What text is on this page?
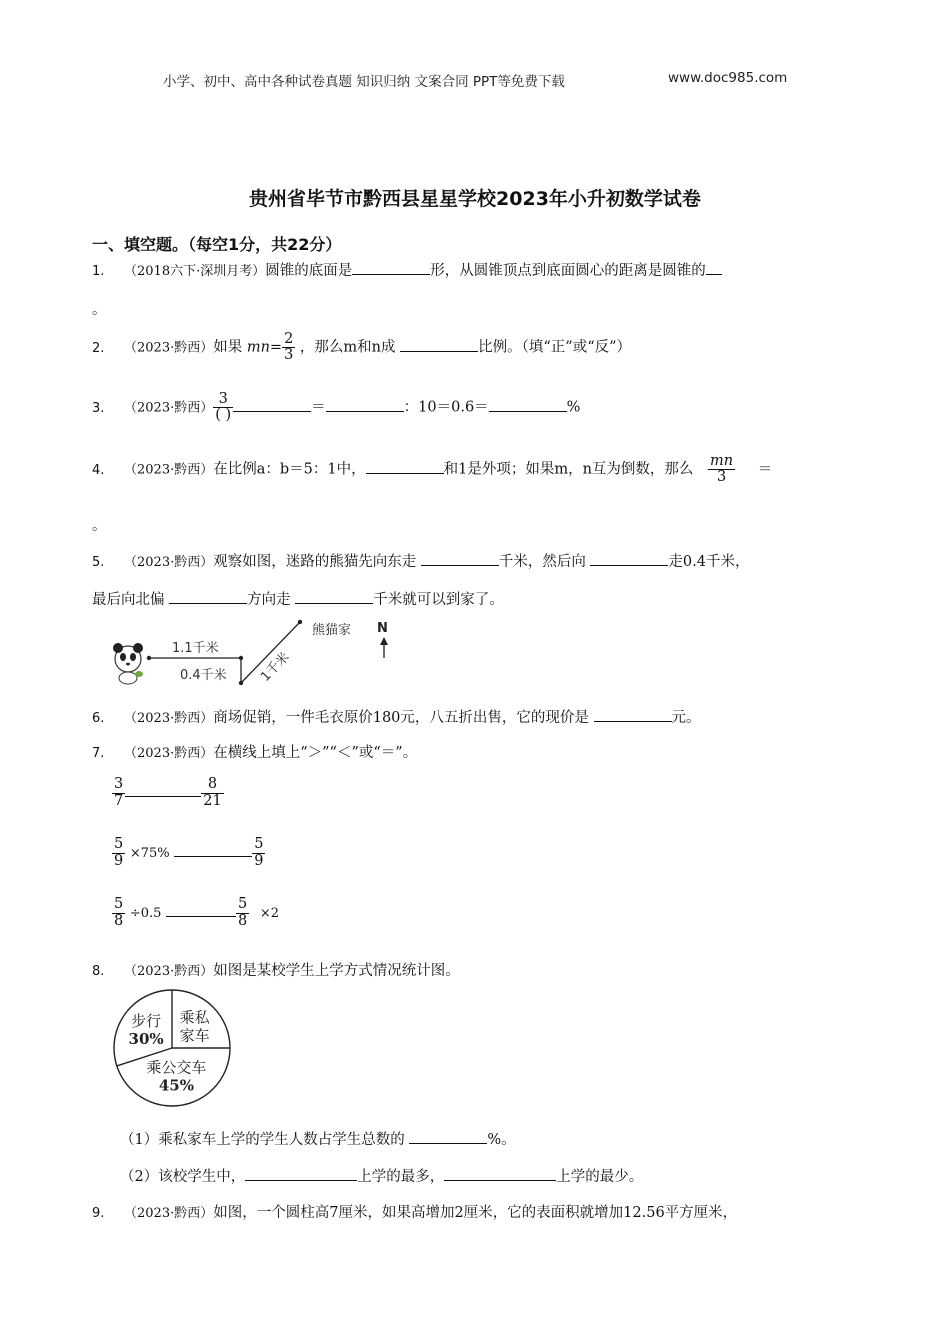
小学、初中、高中各种试卷真题 知识归纳 文案合同 PPT等免费下载	www.doc985.com
贵州省毕节市黔西县星星学校2023年小升初数学试卷
一、填空题。（每空1分，共22分）
1. （2018六下·深圳月考）圆锥的底面是	形，从圆锥顶点到底面圆心的距离是圆锥的
。
2. （2023·黔西）如果 $mn= \frac{2}{3}$ ，那么m和n成	比例。（填“正”或“反”）
3. （2023·黔西） $\frac{3}{( )}$	＝	：10＝0.6＝	%
4. （2023·黔西）在比例a：b＝5：1中，	和1是外项；如果m，n互为倒数，那么 $\frac{mn}{3}$ ＝
。
5. （2023·黔西）观察如图，迷路的熊猫先向东走	千米，然后向	走0.4千米，
最后向北偏	方向走	千米就可以到家了。
1.1千米
0.4千米 1千米
熊猫家 N
6. （2023·黔西）商场促销，一件毛衣原价180元，八五折出售，它的现价是	元。
7. （2023·黔西）在横线上填上“＞”“＜”或“＝”。
$\frac{3}{7}$	$\frac{8}{21}$
$\frac{5}{9} \times 75\%$	$\frac{5}{9}$
$\frac{5}{8} \div 0.5$	$\frac{5}{8} \times 2$
8. （2023·黔西）如图是某校学生上学方式情况统计图。
步行
30%
乘私
家车
乘公交车
45%
（1）乘私家车上学的学生人数占学生总数的	%。
（2）该校学生中，	上学的最多，	上学的最少。
9. （2023·黔西）如图，一个圆柱高7厘米，如果高增加2厘米，它的表面积就增加12.56平方厘米，
